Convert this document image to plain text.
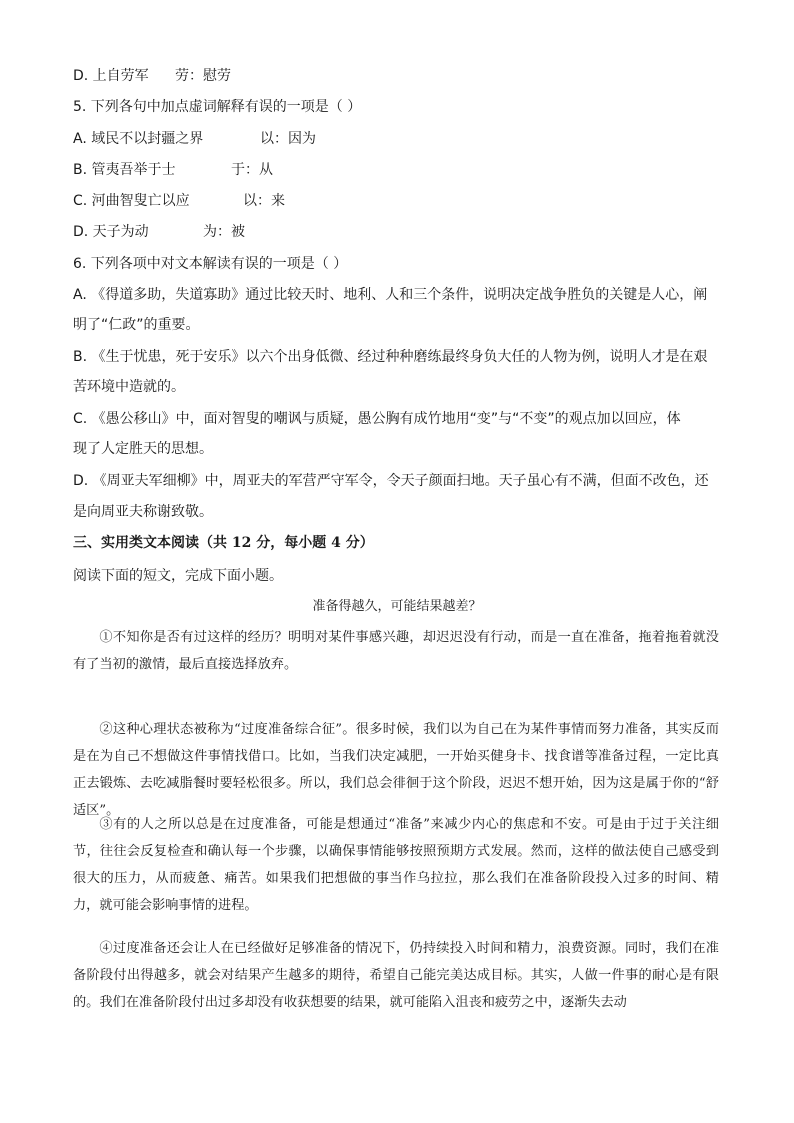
D. 上自劳军 劳：慰劳
5. 下列各句中加点虚词解释有误的一项是（ ）
A. 域民不以封疆之界	以：因为
B. 管夷吾举于士	于：从
C. 河曲智叟亡以应	以：来
D. 天子为动	为：被
6. 下列各项中对文本解读有误的一项是（ ）
A. 《得道多助，失道寡助》通过比较天时、地利、人和三个条件，说明决定战争胜负的关键是人心，阐
明了“仁政”的重要。
B. 《生于忧患，死于安乐》以六个出身低微、经过种种磨练最终身负大任的人物为例，说明人才是在艰
苦环境中造就的。
C. 《愚公移山》中，面对智叟的嘲讽与质疑，愚公胸有成竹地用“变”与“不变”的观点加以回应，体
现了人定胜天的思想。
D. 《周亚夫军细柳》中，周亚夫的军营严守军令，令天子颜面扫地。天子虽心有不满，但面不改色，还
是向周亚夫称谢致敬。
三、实用类文本阅读（共 12 分，每小题 4 分）
阅读下面的短文，完成下面小题。
准备得越久，可能结果越差？
①不知你是否有过这样的经历？明明对某件事感兴趣，却迟迟没有行动，而是一直在准备，拖着拖着就没有了当初的激情，最后直接选择放弃。
②这种心理状态被称为“过度准备综合征”。很多时候，我们以为自己在为某件事情而努力准备，其实反而是在为自己不想做这件事情找借口。比如，当我们决定减肥，一开始买健身卡、找食谱等准备过程，一定比真正去锻炼、去吃减脂餐时要轻松很多。所以，我们总会徘徊于这个阶段，迟迟不想开始，因为这是属于你的“舒适区”。
③有的人之所以总是在过度准备，可能是想通过“准备”来减少内心的焦虑和不安。可是由于过于关注细节，往往会反复检查和确认每一个步骤，以确保事情能够按照预期方式发展。然而，这样的做法使自己感受到很大的压力，从而疲惫、痛苦。如果我们把想做的事当作乌拉拉，那么我们在准备阶段投入过多的时间、精力，就可能会影响事情的进程。
④过度准备还会让人在已经做好足够准备的情况下，仍持续投入时间和精力，浪费资源。同时，我们在准备阶段付出得越多，就会对结果产生越多的期待，希望自己能完美达成目标。其实，人做一件事的耐心是有限的。我们在准备阶段付出过多却没有收获想要的结果，就可能陷入沮丧和疲劳之中，逐渐失去动
